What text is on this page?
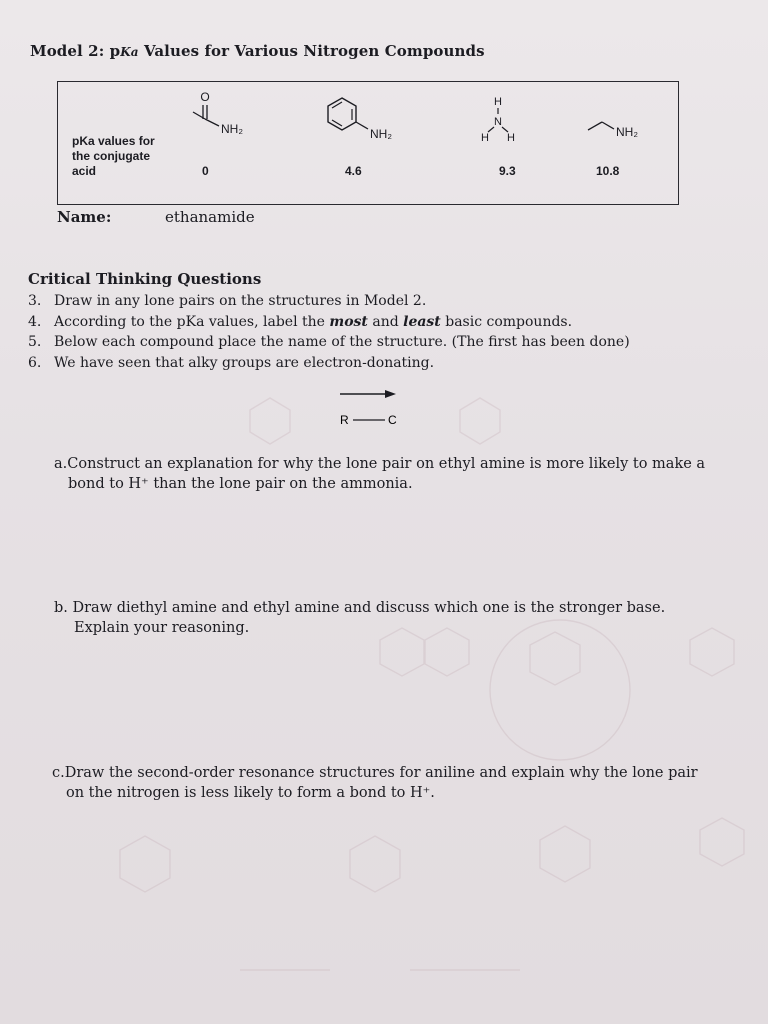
Model 2: pKa Values for Various Nitrogen Compounds
pKa values for
the conjugate
acid
O
NH₂	NH₂
H
N
H H	NH₂
0	4.6	9.3	10.8
Name:	ethanamide
Critical Thinking Questions
3. Draw in any lone pairs on the structures in Model 2.
4. According to the pKa values, label the most and least basic compounds.
5. Below each compound place the name of the structure. (The first has been done)
6. We have seen that alky groups are electron-donating.
R	C
a.Construct an explanation for why the lone pair on ethyl amine is more likely to make a
bond to H⁺ than the lone pair on the ammonia.
b. Draw diethyl amine and ethyl amine and discuss which one is the stronger base.
Explain your reasoning.
c.Draw the second-order resonance structures for aniline and explain why the lone pair
on the nitrogen is less likely to form a bond to H⁺.
